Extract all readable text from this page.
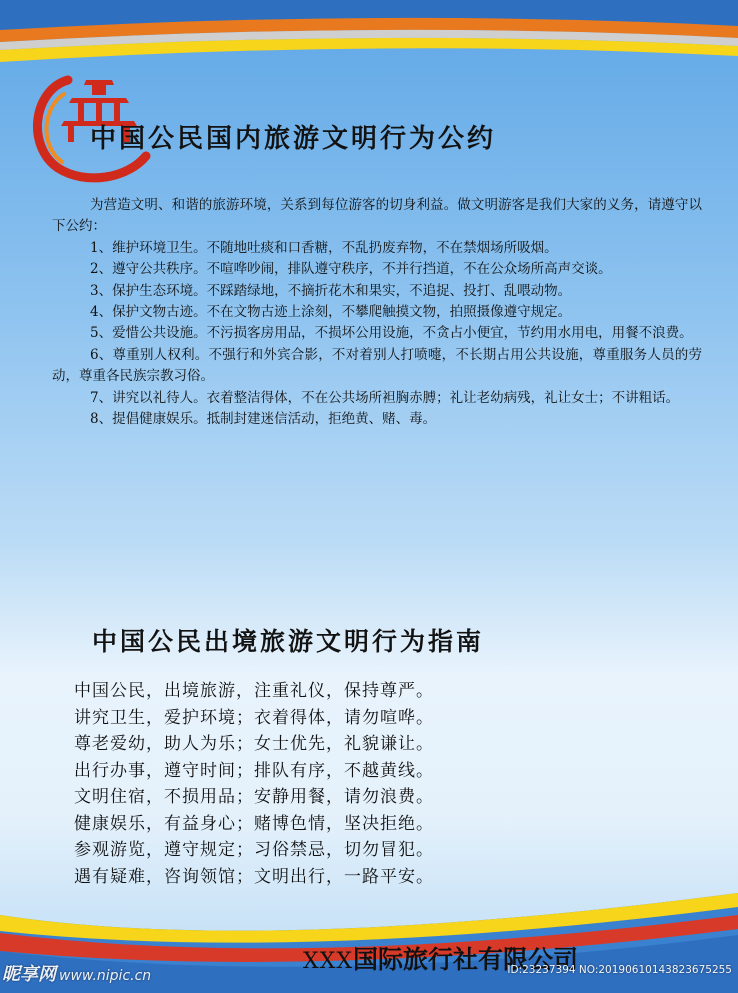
中国公民国内旅游文明行为公约

为营造文明、和谐的旅游环境，关系到每位游客的切身利益。做文明游客是我们大家的义务，请遵守以下公约：

1、维护环境卫生。不随地吐痰和口香糖，不乱扔废弃物，不在禁烟场所吸烟。

2、遵守公共秩序。不喧哗吵闹，排队遵守秩序，不并行挡道，不在公众场所高声交谈。

3、保护生态环境。不踩踏绿地，不摘折花木和果实，不追捉、投打、乱喂动物。

4、保护文物古迹。不在文物古迹上涂刻，不攀爬触摸文物，拍照摄像遵守规定。

5、爱惜公共设施。不污损客房用品，不损坏公用设施，不贪占小便宜，节约用水用电，用餐不浪费。

6、尊重别人权利。不强行和外宾合影，不对着别人打喷嚏，不长期占用公共设施，尊重服务人员的劳动，尊重各民族宗教习俗。

7、讲究以礼待人。衣着整洁得体，不在公共场所袒胸赤膊；礼让老幼病残，礼让女士；不讲粗话。

8、提倡健康娱乐。抵制封建迷信活动，拒绝黄、赌、毒。

中国公民出境旅游文明行为指南
中国公民，出境旅游，注重礼仪，保持尊严。
讲究卫生，爱护环境；衣着得体，请勿喧哗。
尊老爱幼，助人为乐；女士优先，礼貌谦让。
出行办事，遵守时间；排队有序，不越黄线。
文明住宿，不损用品；安静用餐，请勿浪费。
健康娱乐，有益身心；赌博色情，坚决拒绝。
参观游览，遵守规定；习俗禁忌，切勿冒犯。
遇有疑难，咨询领馆；文明出行，一路平安。
XXX国际旅行社有限公司
昵享网 www.nipic.cn	ID:23237394 NO:20190610143823675255
